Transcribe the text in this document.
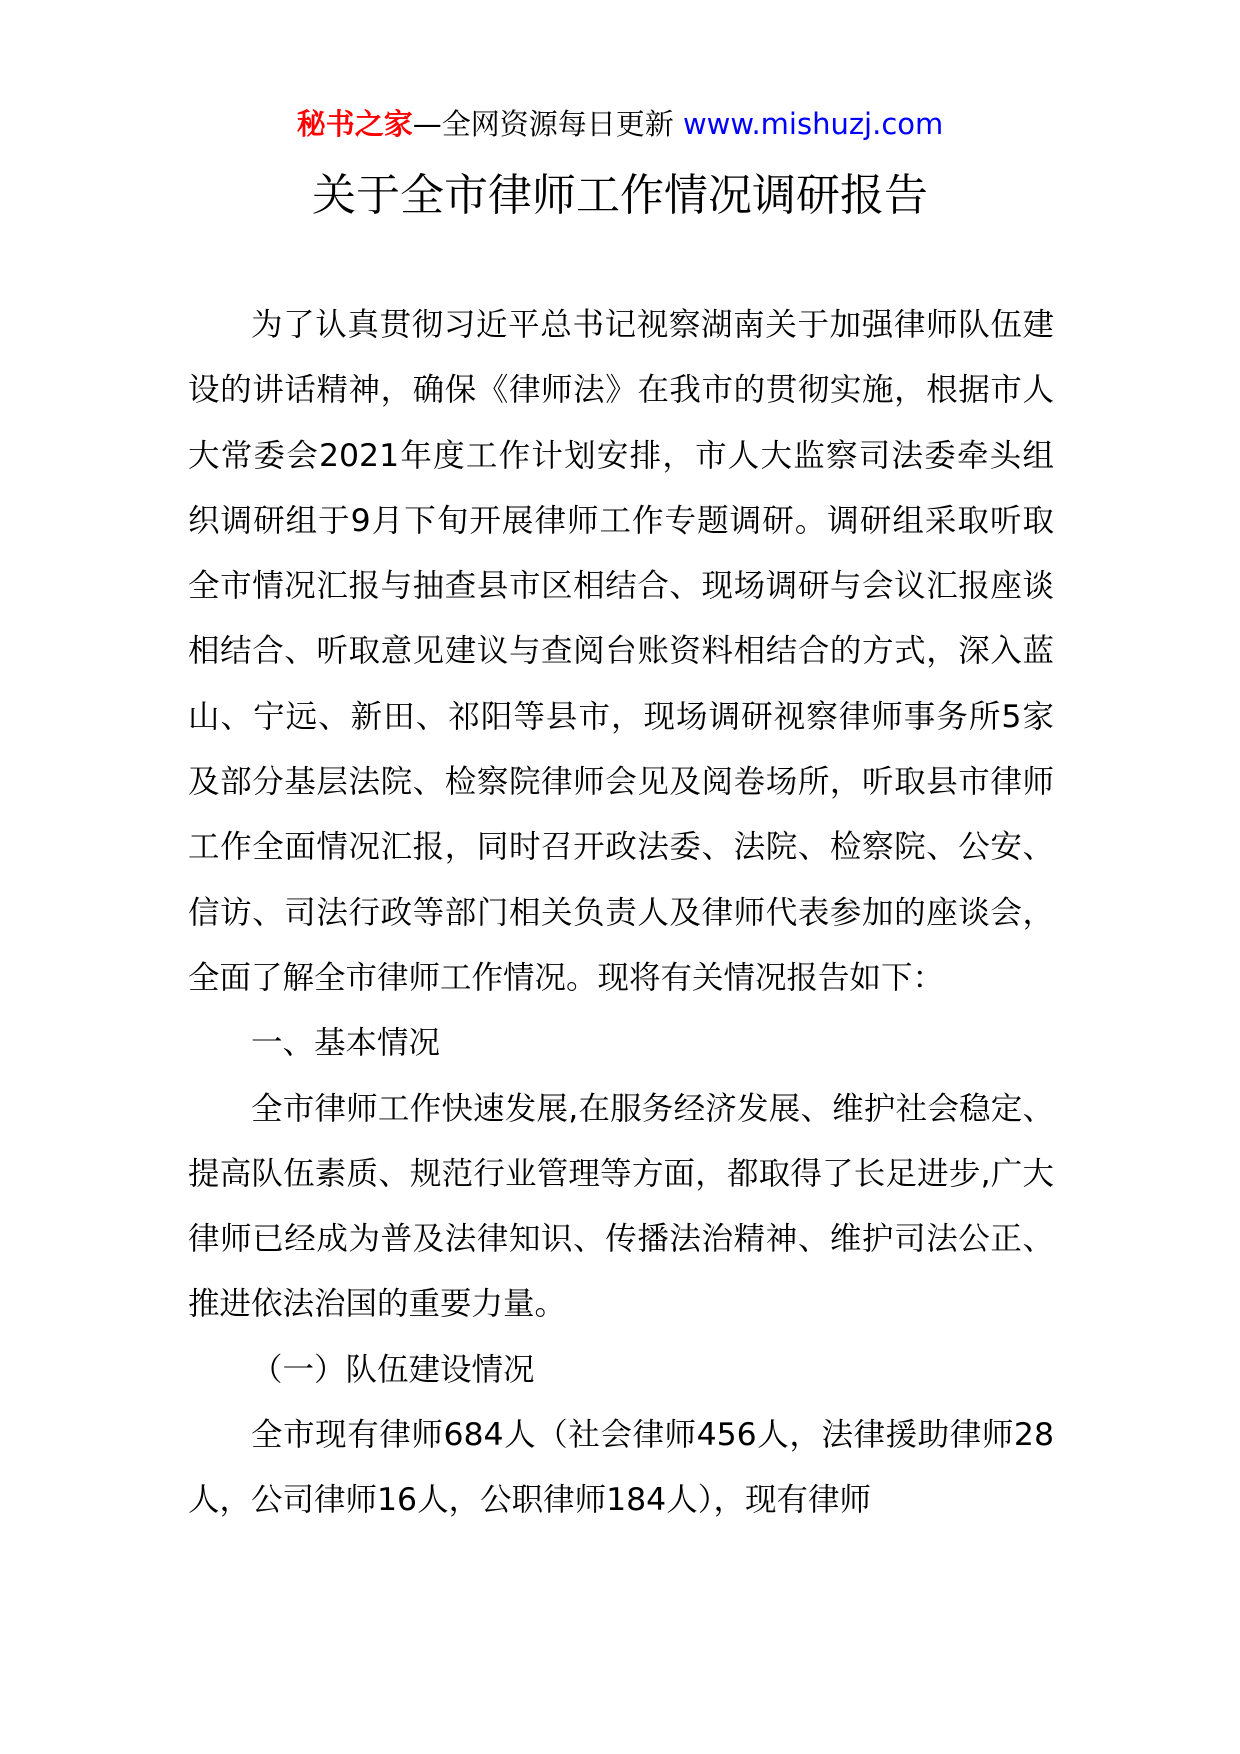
秘书之家—全网资源每日更新 www.mishuzj.com
关于全市律师工作情况调研报告

为了认真贯彻习近平总书记视察湖南关于加强律师队伍建设的讲话精神，确保《律师法》在我市的贯彻实施，根据市人大常委会2021年度工作计划安排，市人大监察司法委牵头组织调研组于9月下旬开展律师工作专题调研。调研组采取听取全市情况汇报与抽查县市区相结合、现场调研与会议汇报座谈相结合、听取意见建议与查阅台账资料相结合的方式，深入蓝山、宁远、新田、祁阳等县市，现场调研视察律师事务所5家及部分基层法院、检察院律师会见及阅卷场所，听取县市律师工作全面情况汇报，同时召开政法委、法院、检察院、公安、信访、司法行政等部门相关负责人及律师代表参加的座谈会，全面了解全市律师工作情况。现将有关情况报告如下：

一、基本情况

全市律师工作快速发展,在服务经济发展、维护社会稳定、提高队伍素质、规范行业管理等方面，都取得了长足进步,广大律师已经成为普及法律知识、传播法治精神、维护司法公正、推进依法治国的重要力量。

（一）队伍建设情况

全市现有律师684人（社会律师456人，法律援助律师28人，公司律师16人，公职律师184人），现有律师
